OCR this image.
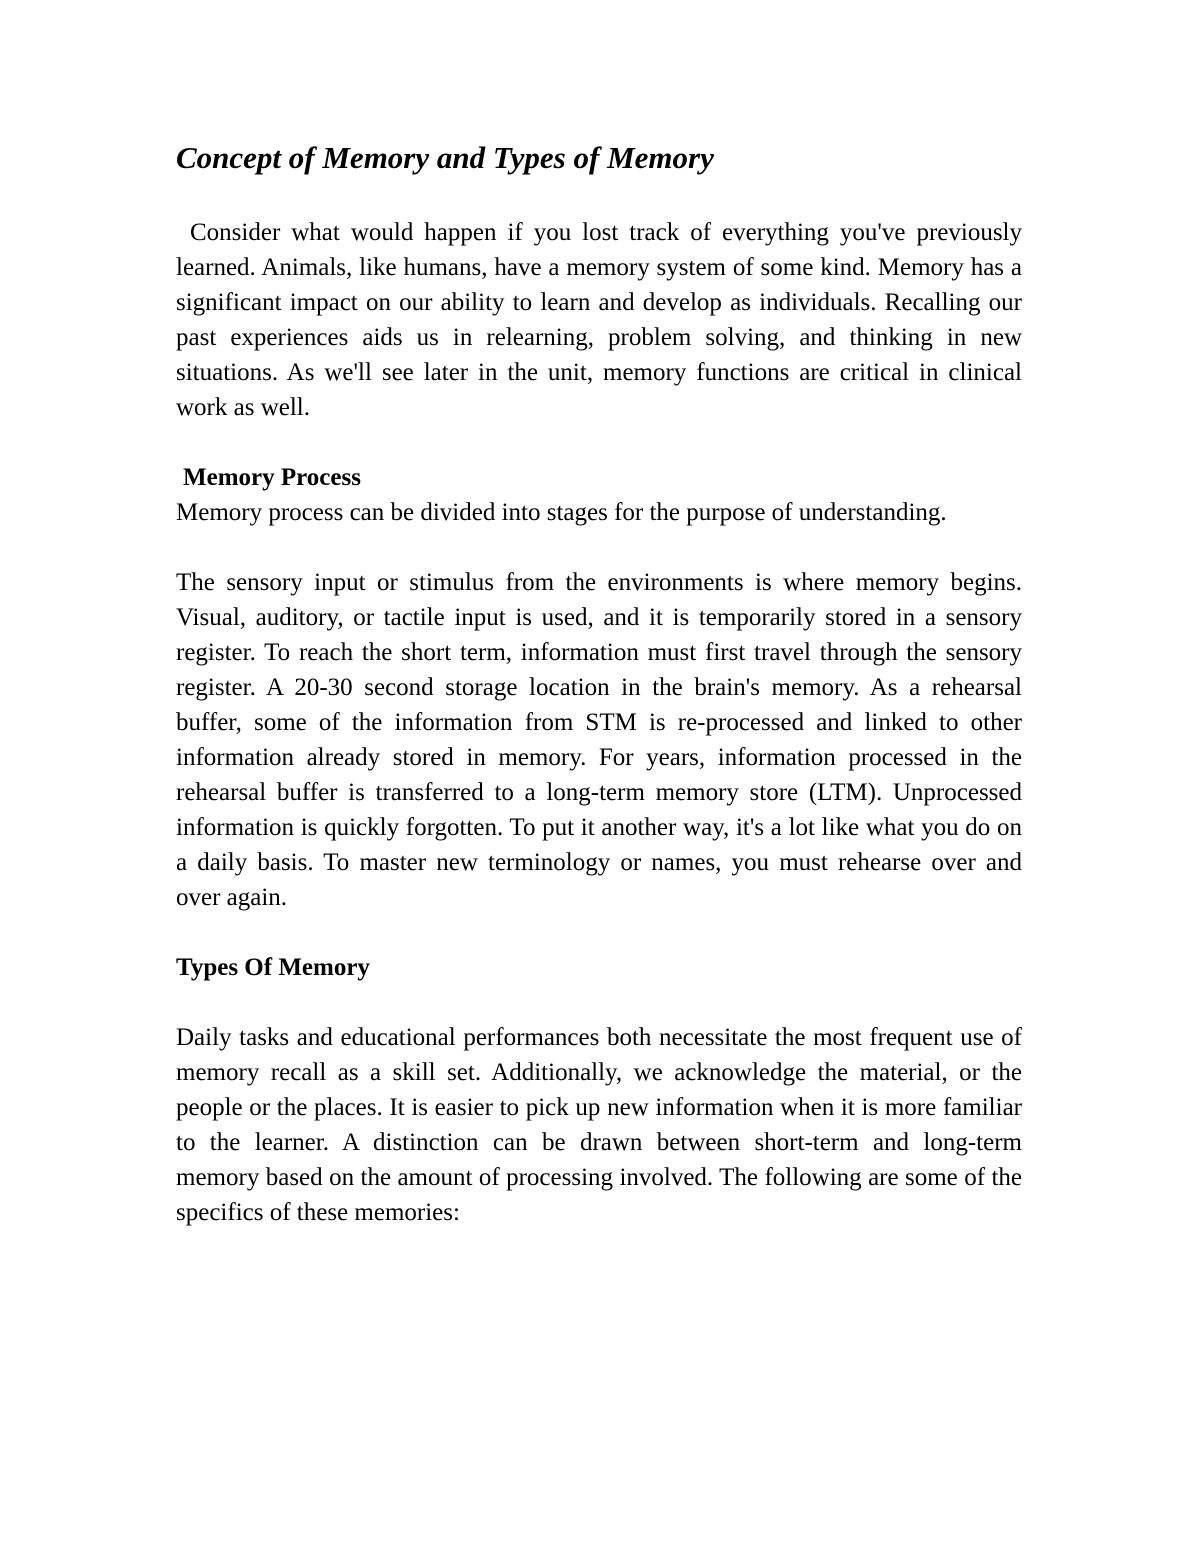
Concept of Memory and Types of Memory

Consider what would happen if you lost track of everything you've previously learned. Animals, like humans, have a memory system of some kind. Memory has a significant impact on our ability to learn and develop as individuals. Recalling our past experiences aids us in relearning, problem solving, and thinking in new situations. As we'll see later in the unit, memory functions are critical in clinical work as well.

Memory Process

Memory process can be divided into stages for the purpose of understanding.

The sensory input or stimulus from the environments is where memory begins. Visual, auditory, or tactile input is used, and it is temporarily stored in a sensory register. To reach the short term, information must first travel through the sensory register. A 20-30 second storage location in the brain's memory. As a rehearsal buffer, some of the information from STM is re-processed and linked to other information already stored in memory. For years, information processed in the rehearsal buffer is transferred to a long-term memory store (LTM). Unprocessed information is quickly forgotten. To put it another way, it's a lot like what you do on a daily basis. To master new terminology or names, you must rehearse over and over again.

Types Of Memory

Daily tasks and educational performances both necessitate the most frequent use of memory recall as a skill set. Additionally, we acknowledge the material, or the people or the places. It is easier to pick up new information when it is more familiar to the learner. A distinction can be drawn between short-term and long-term memory based on the amount of processing involved. The following are some of the specifics of these memories:
